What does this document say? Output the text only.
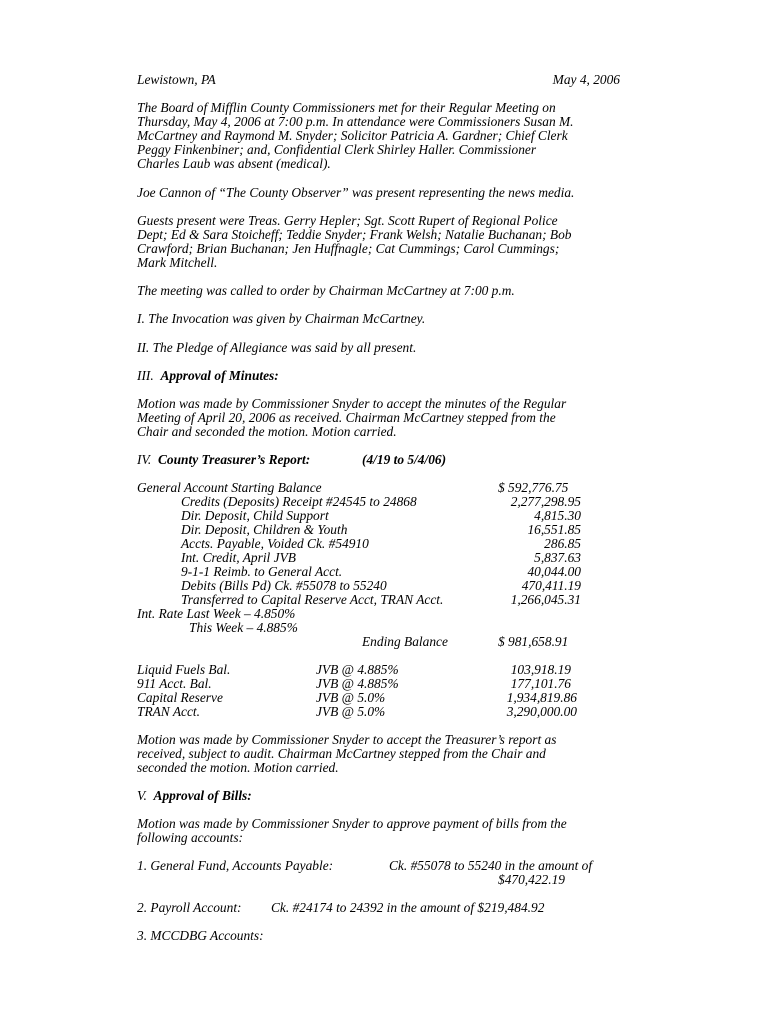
Lewistown, PA	May 4, 2006
The Board of Mifflin County Commissioners met for their Regular Meeting on
Thursday, May 4, 2006 at 7:00 p.m. In attendance were Commissioners Susan M.
McCartney and Raymond M. Snyder; Solicitor Patricia A. Gardner; Chief Clerk
Peggy Finkenbiner; and, Confidential Clerk Shirley Haller. Commissioner
Charles Laub was absent (medical).
Joe Cannon of “The County Observer” was present representing the news media.
Guests present were Treas. Gerry Hepler; Sgt. Scott Rupert of Regional Police
Dept; Ed & Sara Stoicheff; Teddie Snyder; Frank Welsh; Natalie Buchanan; Bob
Crawford; Brian Buchanan; Jen Huffnagle; Cat Cummings; Carol Cummings;
Mark Mitchell.
The meeting was called to order by Chairman McCartney at 7:00 p.m.
I. The Invocation was given by Chairman McCartney.
II. The Pledge of Allegiance was said by all present.
III. Approval of Minutes:
Motion was made by Commissioner Snyder to accept the minutes of the Regular
Meeting of April 20, 2006 as received. Chairman McCartney stepped from the
Chair and seconded the motion. Motion carried.
IV. County Treasurer’s Report:	(4/19 to 5/4/06)
General Account Starting Balance	$ 592,776.75
Credits (Deposits) Receipt #24545 to 24868	2,277,298.95
Dir. Deposit, Child Support	4,815.30
Dir. Deposit, Children & Youth	16,551.85
Accts. Payable, Voided Ck. #54910	286.85
Int. Credit, April JVB	5,837.63
9-1-1 Reimb. to General Acct.	40,044.00
Debits (Bills Pd) Ck. #55078 to 55240	470,411.19
Transferred to Capital Reserve Acct, TRAN Acct.	1,266,045.31
Int. Rate Last Week – 4.850%
This Week – 4.885%
Ending Balance	$ 981,658.91
Liquid Fuels Bal.	JVB @ 4.885%	103,918.19
911 Acct. Bal.	JVB @ 4.885%	177,101.76
Capital Reserve	JVB @ 5.0%	1,934,819.86
TRAN Acct.	JVB @ 5.0%	3,290,000.00
Motion was made by Commissioner Snyder to accept the Treasurer’s report as
received, subject to audit. Chairman McCartney stepped from the Chair and
seconded the motion. Motion carried.
V. Approval of Bills:
Motion was made by Commissioner Snyder to approve payment of bills from the
following accounts:
1. General Fund, Accounts Payable:	Ck. #55078 to 55240 in the amount of
$470,422.19
2. Payroll Account: Ck. #24174 to 24392 in the amount of $219,484.92
3. MCCDBG Accounts:
